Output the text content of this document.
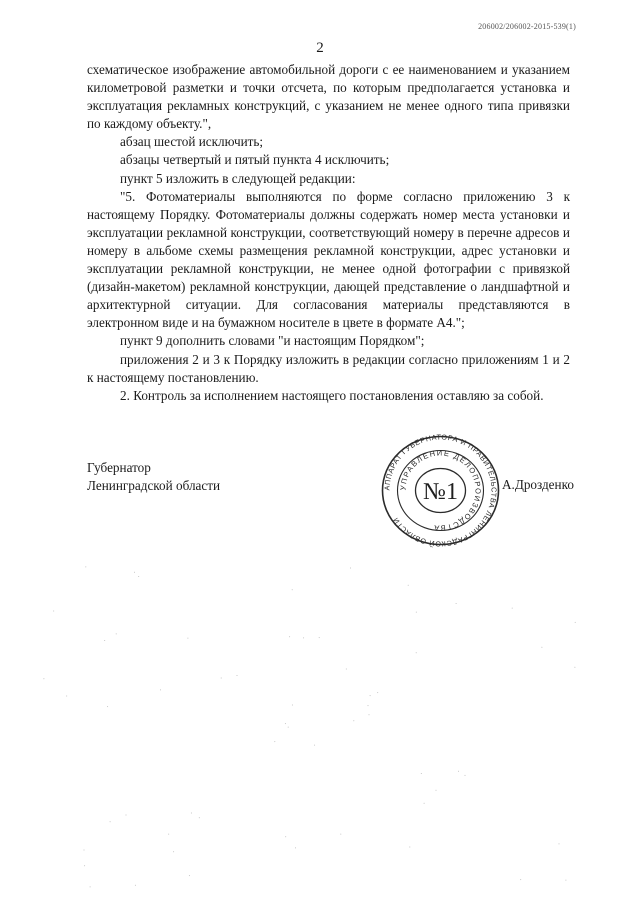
206002/206002-2015-539(1)
2

схематическое изображение автомобильной дороги с ее наименованием и указанием километровой разметки и точки отсчета, по которым предполагается установка и эксплуатация рекламных конструкций, с указанием не менее одного типа привязки по каждому объекту.",

абзац шестой исключить;

абзацы четвертый и пятый пункта 4 исключить;

пункт 5 изложить в следующей редакции:

"5. Фотоматериалы выполняются по форме согласно приложению 3 к настоящему Порядку. Фотоматериалы должны содержать номер места установки и эксплуатации рекламной конструкции, соответствующий номеру в перечне адресов и номеру в альбоме схемы размещения рекламной конструкции, адрес установки и эксплуатации рекламной конструкции, не менее одной фотографии с привязкой (дизайн-макетом) рекламной конструкции, дающей представление о ландшафтной и архитектурной ситуации. Для согласования материалы представляются в электронном виде и на бумажном носителе в цвете в формате А4.";

пункт 9 дополнить словами "и настоящим Порядком";

приложения 2 и 3 к Порядку изложить в редакции согласно приложениям 1 и 2 к настоящему постановлению.

2. Контроль за исполнением настоящего постановления оставляю за собой.

Губернатор
Ленинградской области	АППАРАТ ГУБЕРНАТОРА И ПРАВИТЕЛЬСТВА ЛЕНИНГРАДСКОЙ ОБЛАСТИ
УПРАВЛЕНИЕ ДЕЛОПРОИЗВОДСТВА
№1	А.Дрозденко
